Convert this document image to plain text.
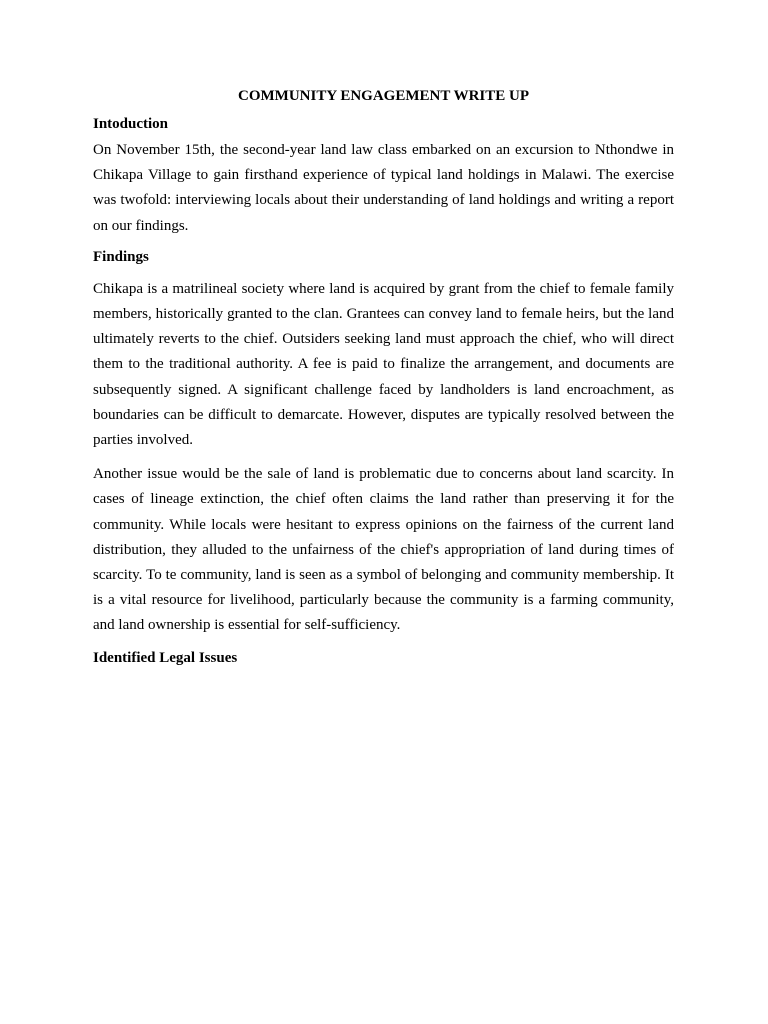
COMMUNITY ENGAGEMENT WRITE UP

Intoduction

On November 15th, the second-year land law class embarked on an excursion to Nthondwe in Chikapa Village to gain firsthand experience of typical land holdings in Malawi. The exercise was twofold: interviewing locals about their understanding of land holdings and writing a report on our findings.

Findings

Chikapa is a matrilineal society where land is acquired by grant from the chief to female family members, historically granted to the clan. Grantees can convey land to female heirs, but the land ultimately reverts to the chief. Outsiders seeking land must approach the chief, who will direct them to the traditional authority. A fee is paid to finalize the arrangement, and documents are subsequently signed. A significant challenge faced by landholders is land encroachment, as boundaries can be difficult to demarcate. However, disputes are typically resolved between the parties involved.

Another issue would be the sale of land is problematic due to concerns about land scarcity. In cases of lineage extinction, the chief often claims the land rather than preserving it for the community. While locals were hesitant to express opinions on the fairness of the current land distribution, they alluded to the unfairness of the chief's appropriation of land during times of scarcity. To te community, land is seen as a symbol of belonging and community membership. It is a vital resource for livelihood, particularly because the community is a farming community, and land ownership is essential for self-sufficiency.

Identified Legal Issues
